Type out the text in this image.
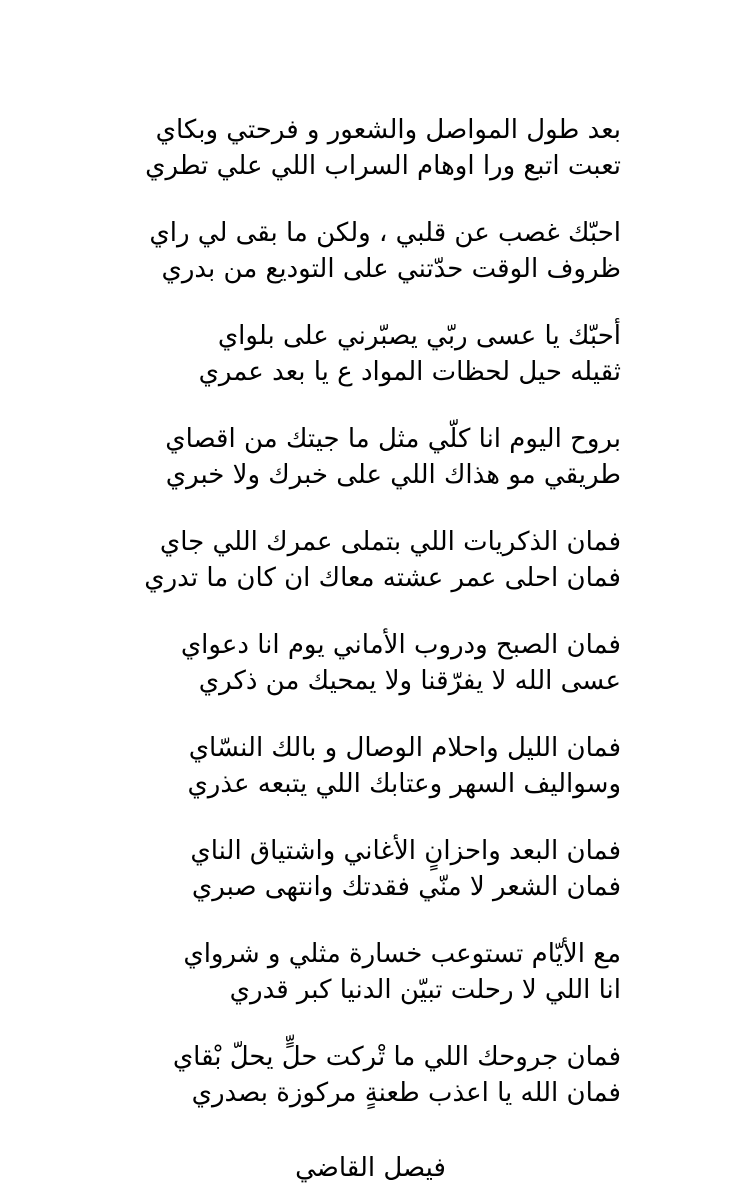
بعد طول المواصل والشعور و فرحتي وبكاي
تعبت اتبع ورا اوهام السراب اللي علي تطري
احبّك غصب عن قلبي ، ولكن ما بقى لي راي
ظروف الوقت حدّتني على التوديع من بدري
أحبّك يا عسى ربّي يصبّرني على بلواي
ثقيله حيل لحظات المواد ع يا بعد عمري
بروح اليوم انا كلّي مثل ما جيتك من اقصاي
طريقي مو هذاك اللي على خبرك ولا خبري
فمان الذكريات اللي بتملى عمرك اللي جاي
فمان احلى عمر عشته معاك ان كان ما تدري
فمان الصبح ودروب الأماني يوم انا دعواي
عسى الله لا يفرّقنا ولا يمحيك من ذكري
فمان الليل واحلام الوصال و بالك النسّاي
وسواليف السهر وعتابك اللي يتبعه عذري
فمان البعد واحزانٍ الأغاني واشتياق الناي
فمان الشعر لا منّي فقدتك وانتهى صبري
مع الأيّام تستوعب خسارة مثلي و شرواي
انا اللي لا رحلت تبيّن الدنيا كبر قدري
فمان جروحك اللي ما تْركت حلٍّ يحلّ بْقاي
فمان الله يا اعذب طعنةٍ مركوزة بصدري
فيصل القاضي
